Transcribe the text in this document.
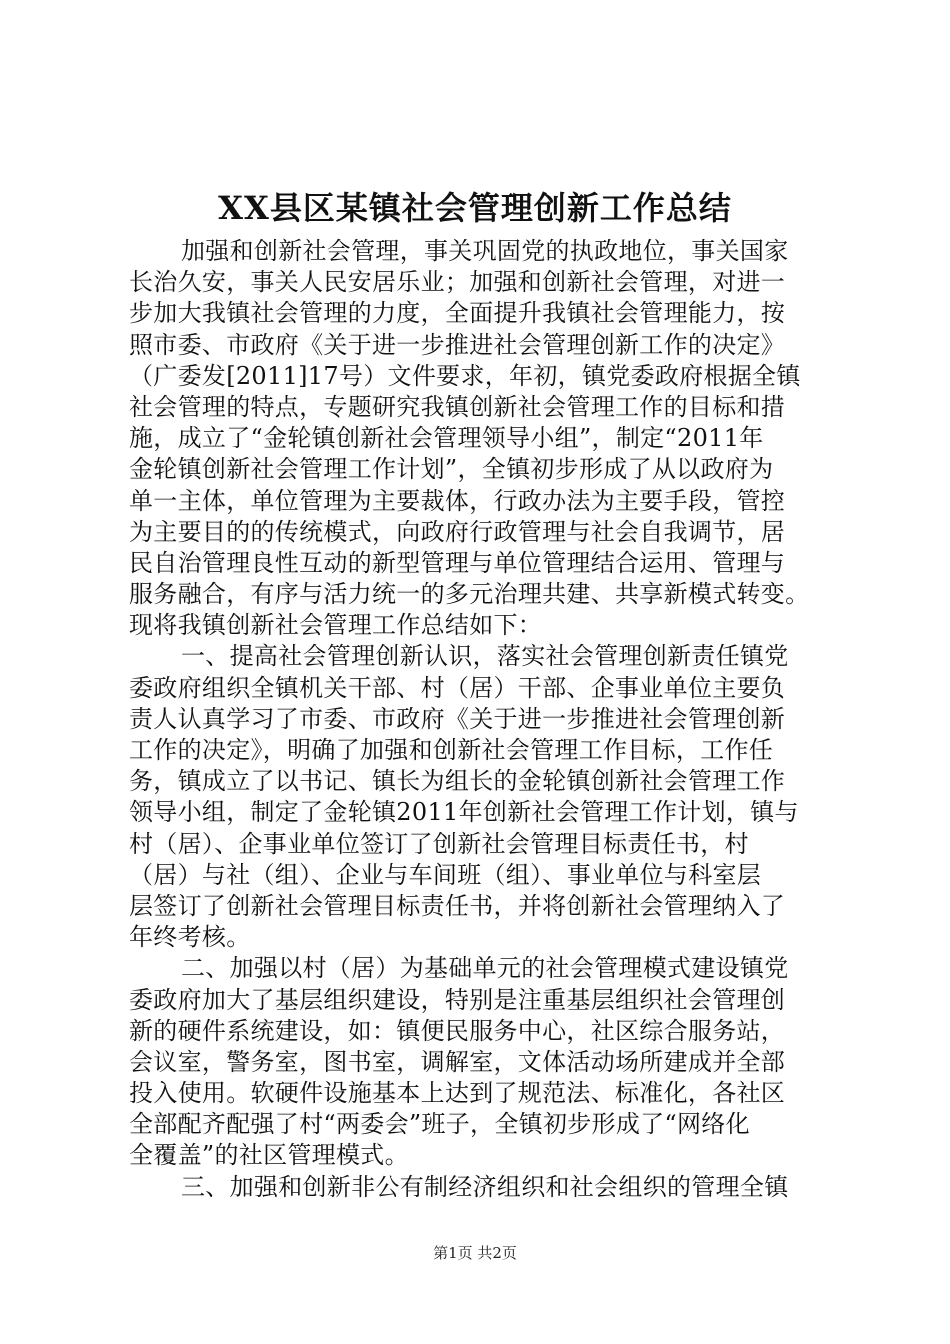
XX县区某镇社会管理创新工作总结
加强和创新社会管理，事关巩固党的执政地位，事关国家
长治久安，事关人民安居乐业；加强和创新社会管理，对进一
步加大我镇社会管理的力度，全面提升我镇社会管理能力，按
照市委、市政府《关于进一步推进社会管理创新工作的决定》
（广委发[2011]17号）文件要求，年初，镇党委政府根据全镇
社会管理的特点，专题研究我镇创新社会管理工作的目标和措
施，成立了“金轮镇创新社会管理领导小组”，制定“2011年
金轮镇创新社会管理工作计划”，全镇初步形成了从以政府为
单一主体，单位管理为主要裁体，行政办法为主要手段，管控
为主要目的的传统模式，向政府行政管理与社会自我调节，居
民自治管理良性互动的新型管理与单位管理结合运用、管理与
服务融合，有序与活力统一的多元治理共建、共享新模式转变。
现将我镇创新社会管理工作总结如下：
一、提高社会管理创新认识，落实社会管理创新责任镇党
委政府组织全镇机关干部、村（居）干部、企事业单位主要负
责人认真学习了市委、市政府《关于进一步推进社会管理创新
工作的决定》，明确了加强和创新社会管理工作目标，工作任
务，镇成立了以书记、镇长为组长的金轮镇创新社会管理工作
领导小组，制定了金轮镇2011年创新社会管理工作计划，镇与
村（居）、企事业单位签订了创新社会管理目标责任书，村
（居）与社（组）、企业与车间班（组）、事业单位与科室层
层签订了创新社会管理目标责任书，并将创新社会管理纳入了
年终考核。
二、加强以村（居）为基础单元的社会管理模式建设镇党
委政府加大了基层组织建设，特别是注重基层组织社会管理创
新的硬件系统建设，如：镇便民服务中心，社区综合服务站，
会议室，警务室，图书室，调解室，文体活动场所建成并全部
投入使用。软硬件设施基本上达到了规范法、标准化，各社区
全部配齐配强了村“两委会”班子，全镇初步形成了“网络化
全覆盖”的社区管理模式。
三、加强和创新非公有制经济组织和社会组织的管理全镇
第1页 共2页
